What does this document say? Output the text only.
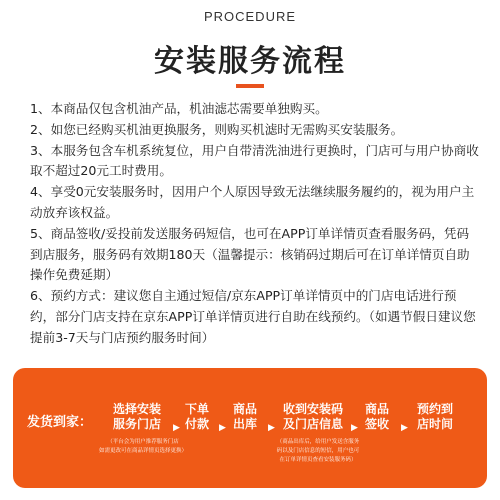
PROCEDURE
安装服务流程

1、本商品仅包含机油产品，机油滤芯需要单独购买。

2、如您已经购买机油更换服务，则购买机滤时无需购买安装服务。

3、本服务包含车机系统复位，用户自带清洗油进行更换时，门店可与用户协商收取不超过20元工时费用。

4、享受0元安装服务时，因用户个人原因导致无法继续服务履约的，视为用户主动放弃该权益。

5、商品签收/妥投前发送服务码短信，也可在APP订单详情页查看服务码，凭码到店服务，服务码有效期180天（温馨提示：核销码过期后可在订单详情页自助操作免费延期）

6、预约方式：建议您自主通过短信/京东APP订单详情页中的门店电话进行预约，部分门店支持在京东APP订单详情页进行自助在线预约。（如遇节假日建议您提前3-7天与门店预约服务时间）

发货到家：
选择安装
服务门店 ▶
下单
付款 ▶
商品
出库 ▶
收到安装码
及门店信息 ▶
商品
签收 ▶
预约到
店时间
（平台会为用户推荐服务门店
如需更改可在商品详情页选择更换）
（商品出库后，给用户发送含服务
码以及门店信息的短信，用户也可
在订单详情页查看安装服务码）
